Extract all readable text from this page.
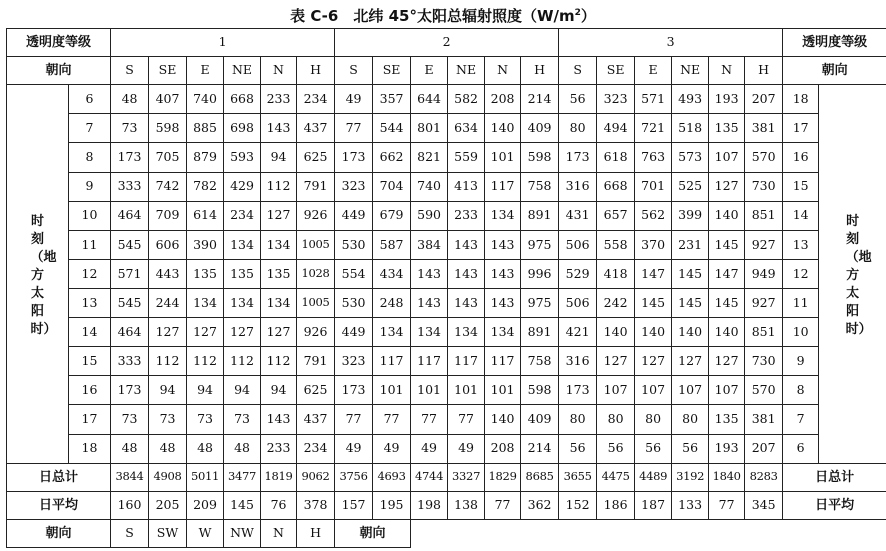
表 C-6　北纬 45°太阳总辐射照度$(W/m^2)$
透明度等级		1						2						3						透明度等级	
朝向		S	SE	E	NE	N	H	S	SE	E	NE	N	H	S	SE	E	NE	N	H	朝向	
时刻（地方太阳时）	6	48	407	740	668	233	234	49	357	644	582	208	214	56	323	571	493	193	207	18	时刻（地方太阳时）
	7	73	598	885	698	143	437	77	544	801	634	140	409	80	494	721	518	135	381	17	
	8	173	705	879	593	94	625	173	662	821	559	101	598	173	618	763	573	107	570	16	
	9	333	742	782	429	112	791	323	704	740	413	117	758	316	668	701	525	127	730	15	
	10	464	709	614	234	127	926	449	679	590	233	134	891	431	657	562	399	140	851	14	
	11	545	606	390	134	134	1005	530	587	384	143	143	975	506	558	370	231	145	927	13	
	12	571	443	135	135	135	1028	554	434	143	143	143	996	529	418	147	145	147	949	12	
	13	545	244	134	134	134	1005	530	248	143	143	143	975	506	242	145	145	145	927	11	
	14	464	127	127	127	127	926	449	134	134	134	134	891	421	140	140	140	140	851	10	
	15	333	112	112	112	112	791	323	117	117	117	117	758	316	127	127	127	127	730	9	
	16	173	94	94	94	94	625	173	101	101	101	101	598	173	107	107	107	107	570	8	
	17	73	73	73	73	143	437	77	77	77	77	140	409	80	80	80	80	135	381	7	
	18	48	48	48	48	233	234	49	49	49	49	208	214	56	56	56	56	193	207	6	
日总计		3844	4908	5011	3477	1819	9062	3756	4693	4744	3327	1829	8685	3655	4475	4489	3192	1840	8283	日总计	
日平均		160	205	209	145	76	378	157	195	198	138	77	362	152	186	187	133	77	345	日平均	
朝向		S	SW	W	NW	N	H	朝向													
